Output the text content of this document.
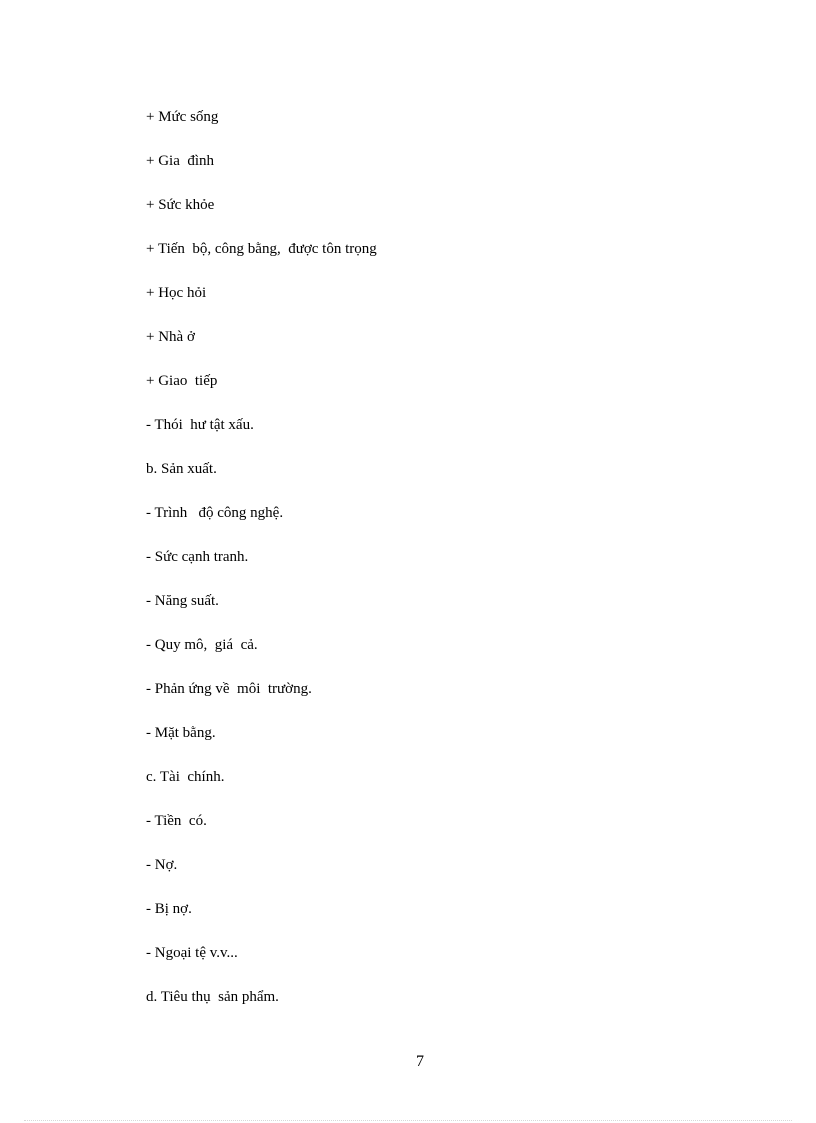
+ Mức sống
+ Gia  đình
+ Sức khỏe
+ Tiến  bộ, công bằng,  được tôn trọng
+ Học hỏi
+ Nhà ở
+ Giao  tiếp
- Thói  hư tật xấu.
b. Sản xuất.
- Trình   độ công nghệ.
- Sức cạnh tranh.
- Năng suất.
- Quy mô,  giá  cả.
- Phản ứng về  môi  trường.
- Mặt bằng.
c. Tài  chính.
- Tiền  có.
- Nợ.
- Bị nợ.
- Ngoại tệ v.v...
d. Tiêu thụ  sản phẩm.
7
